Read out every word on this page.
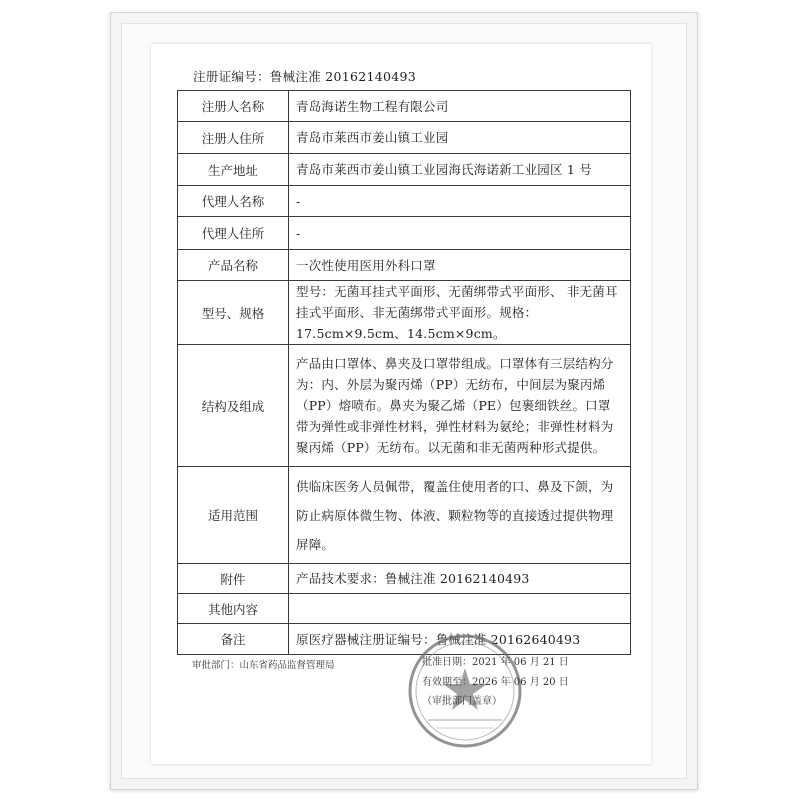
注册证编号：鲁械注准 20162140493
注册人名称	青岛海诺生物工程有限公司
注册人住所	青岛市莱西市姜山镇工业园
生产地址	青岛市莱西市姜山镇工业园海氏海诺新工业园区 1 号
代理人名称	-
代理人住所	-
产品名称	一次性使用医用外科口罩
型号、规格	型号：无菌耳挂式平面形、无菌绑带式平面形、 非无菌耳挂式平面形、非无菌绑带式平面形。规格：17.5cm×9.5cm、14.5cm×9cm。
结构及组成	产品由口罩体、鼻夹及口罩带组成。口罩体有三层结构分为：内、外层为聚丙烯（PP）无纺布，中间层为聚丙烯（PP）熔喷布。鼻夹为聚乙烯（PE）包裹细铁丝。口罩带为弹性或非弹性材料，弹性材料为氨纶；非弹性材料为聚丙烯（PP）无纺布。以无菌和非无菌两种形式提供。
适用范围	供临床医务人员佩带，覆盖住使用者的口、鼻及下颌，为防止病原体微生物、体液、颗粒物等的直接透过提供物理屏障。
附件	产品技术要求：鲁械注准 20162140493
其他内容	
备注	原医疗器械注册证编号：鲁械注准 20162640493
审批部门：山东省药品监督管理局	批准日期：2021 年 06 月 21 日
有效期至：2026 年 06 月 20 日
（审批部门盖章）
